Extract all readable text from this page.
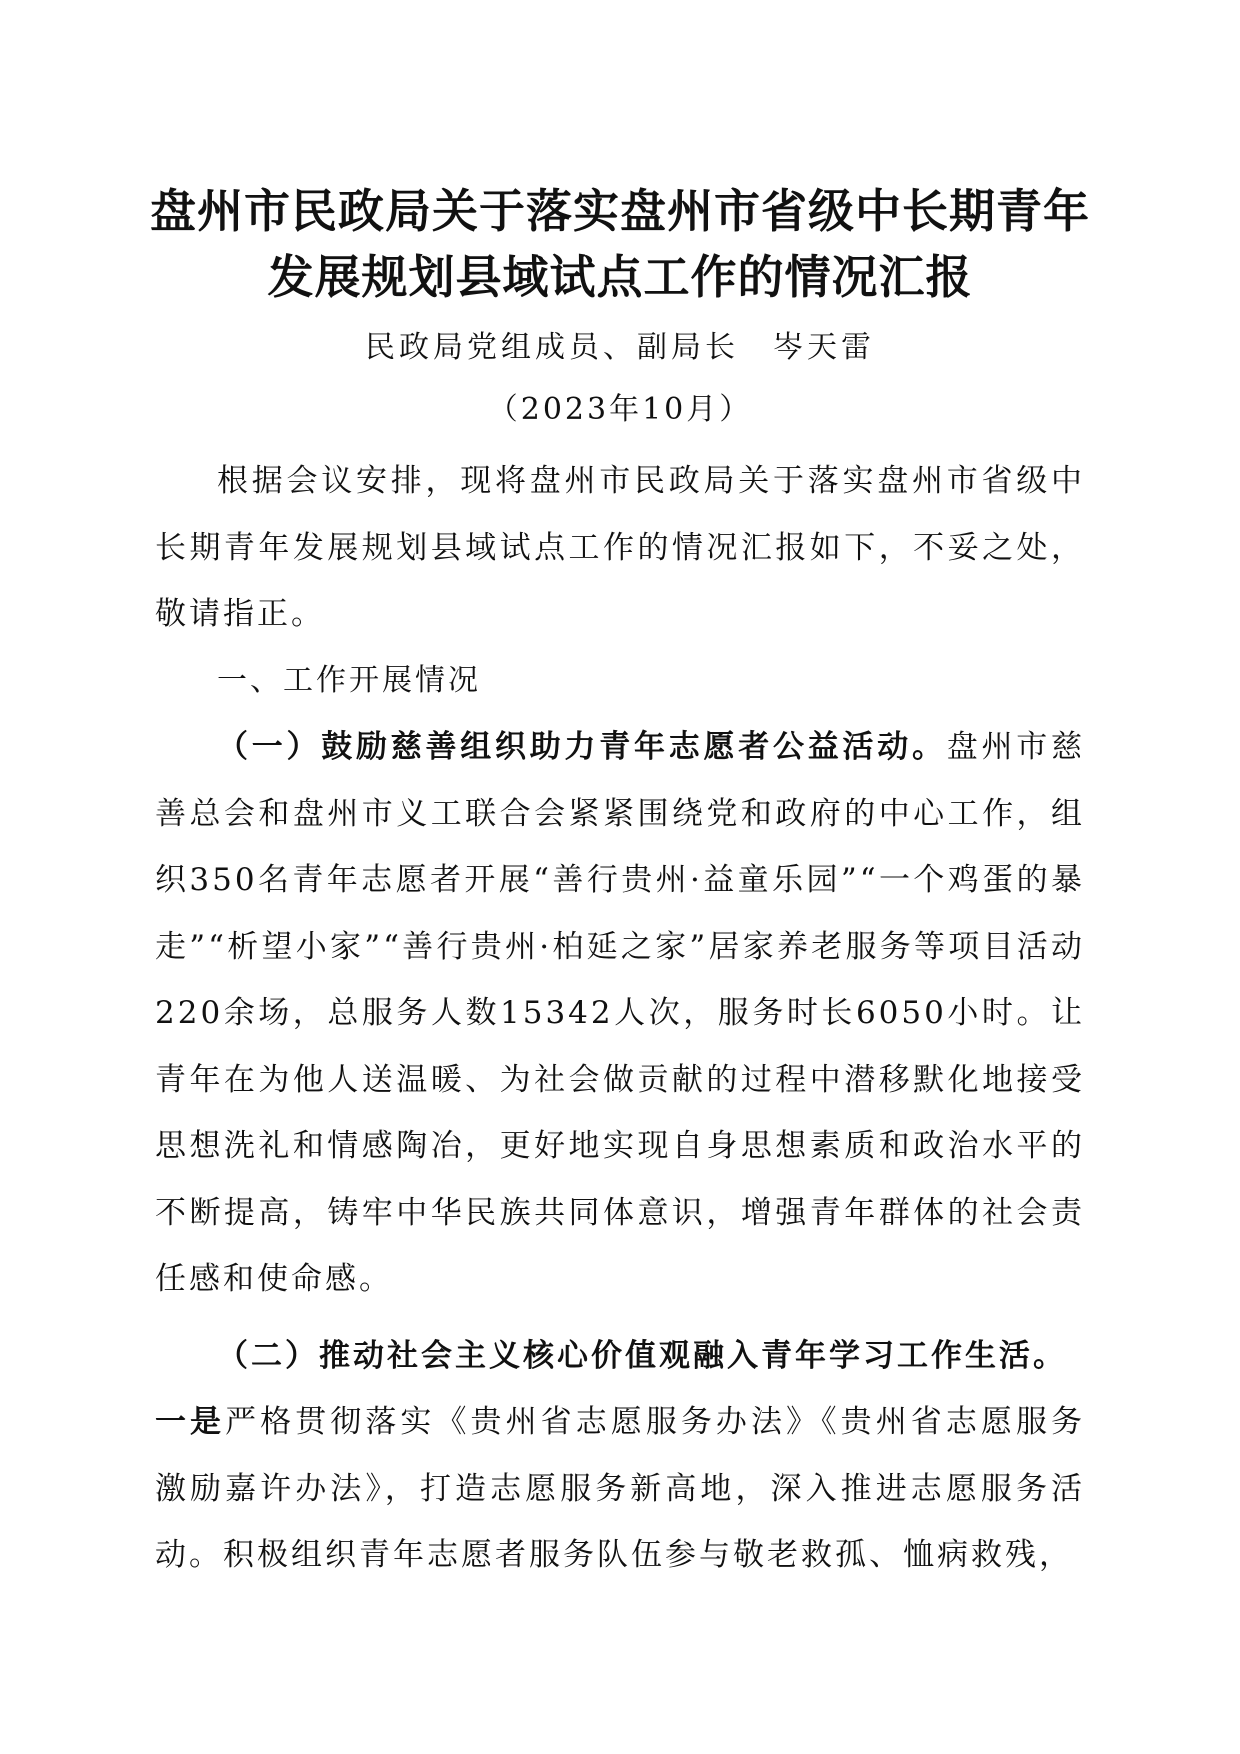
盘州市民政局关于落实盘州市省级中长期青年
发展规划县域试点工作的情况汇报
民政局党组成员、副局长　岑天雷
（2023年10月）

根据会议安排，现将盘州市民政局关于落实盘州市省级中长期青年发展规划县域试点工作的情况汇报如下，不妥之处，敬请指正。

一、工作开展情况

（一）鼓励慈善组织助力青年志愿者公益活动。盘州市慈善总会和盘州市义工联合会紧紧围绕党和政府的中心工作，组织350名青年志愿者开展“善行贵州·益童乐园”“一个鸡蛋的暴走”“析望小家”“善行贵州·柏延之家”居家养老服务等项目活动220余场，总服务人数15342人次，服务时长6050小时。让青年在为他人送温暖、为社会做贡献的过程中潜移默化地接受思想洗礼和情感陶冶，更好地实现自身思想素质和政治水平的不断提高，铸牢中华民族共同体意识，增强青年群体的社会责任感和使命感。

（二）推动社会主义核心价值观融入青年学习工作生活。

一是严格贯彻落实《贵州省志愿服务办法》《贵州省志愿服务激励嘉许办法》，打造志愿服务新高地，深入推进志愿服务活动。积极组织青年志愿者服务队伍参与敬老救孤、恤病救残，
